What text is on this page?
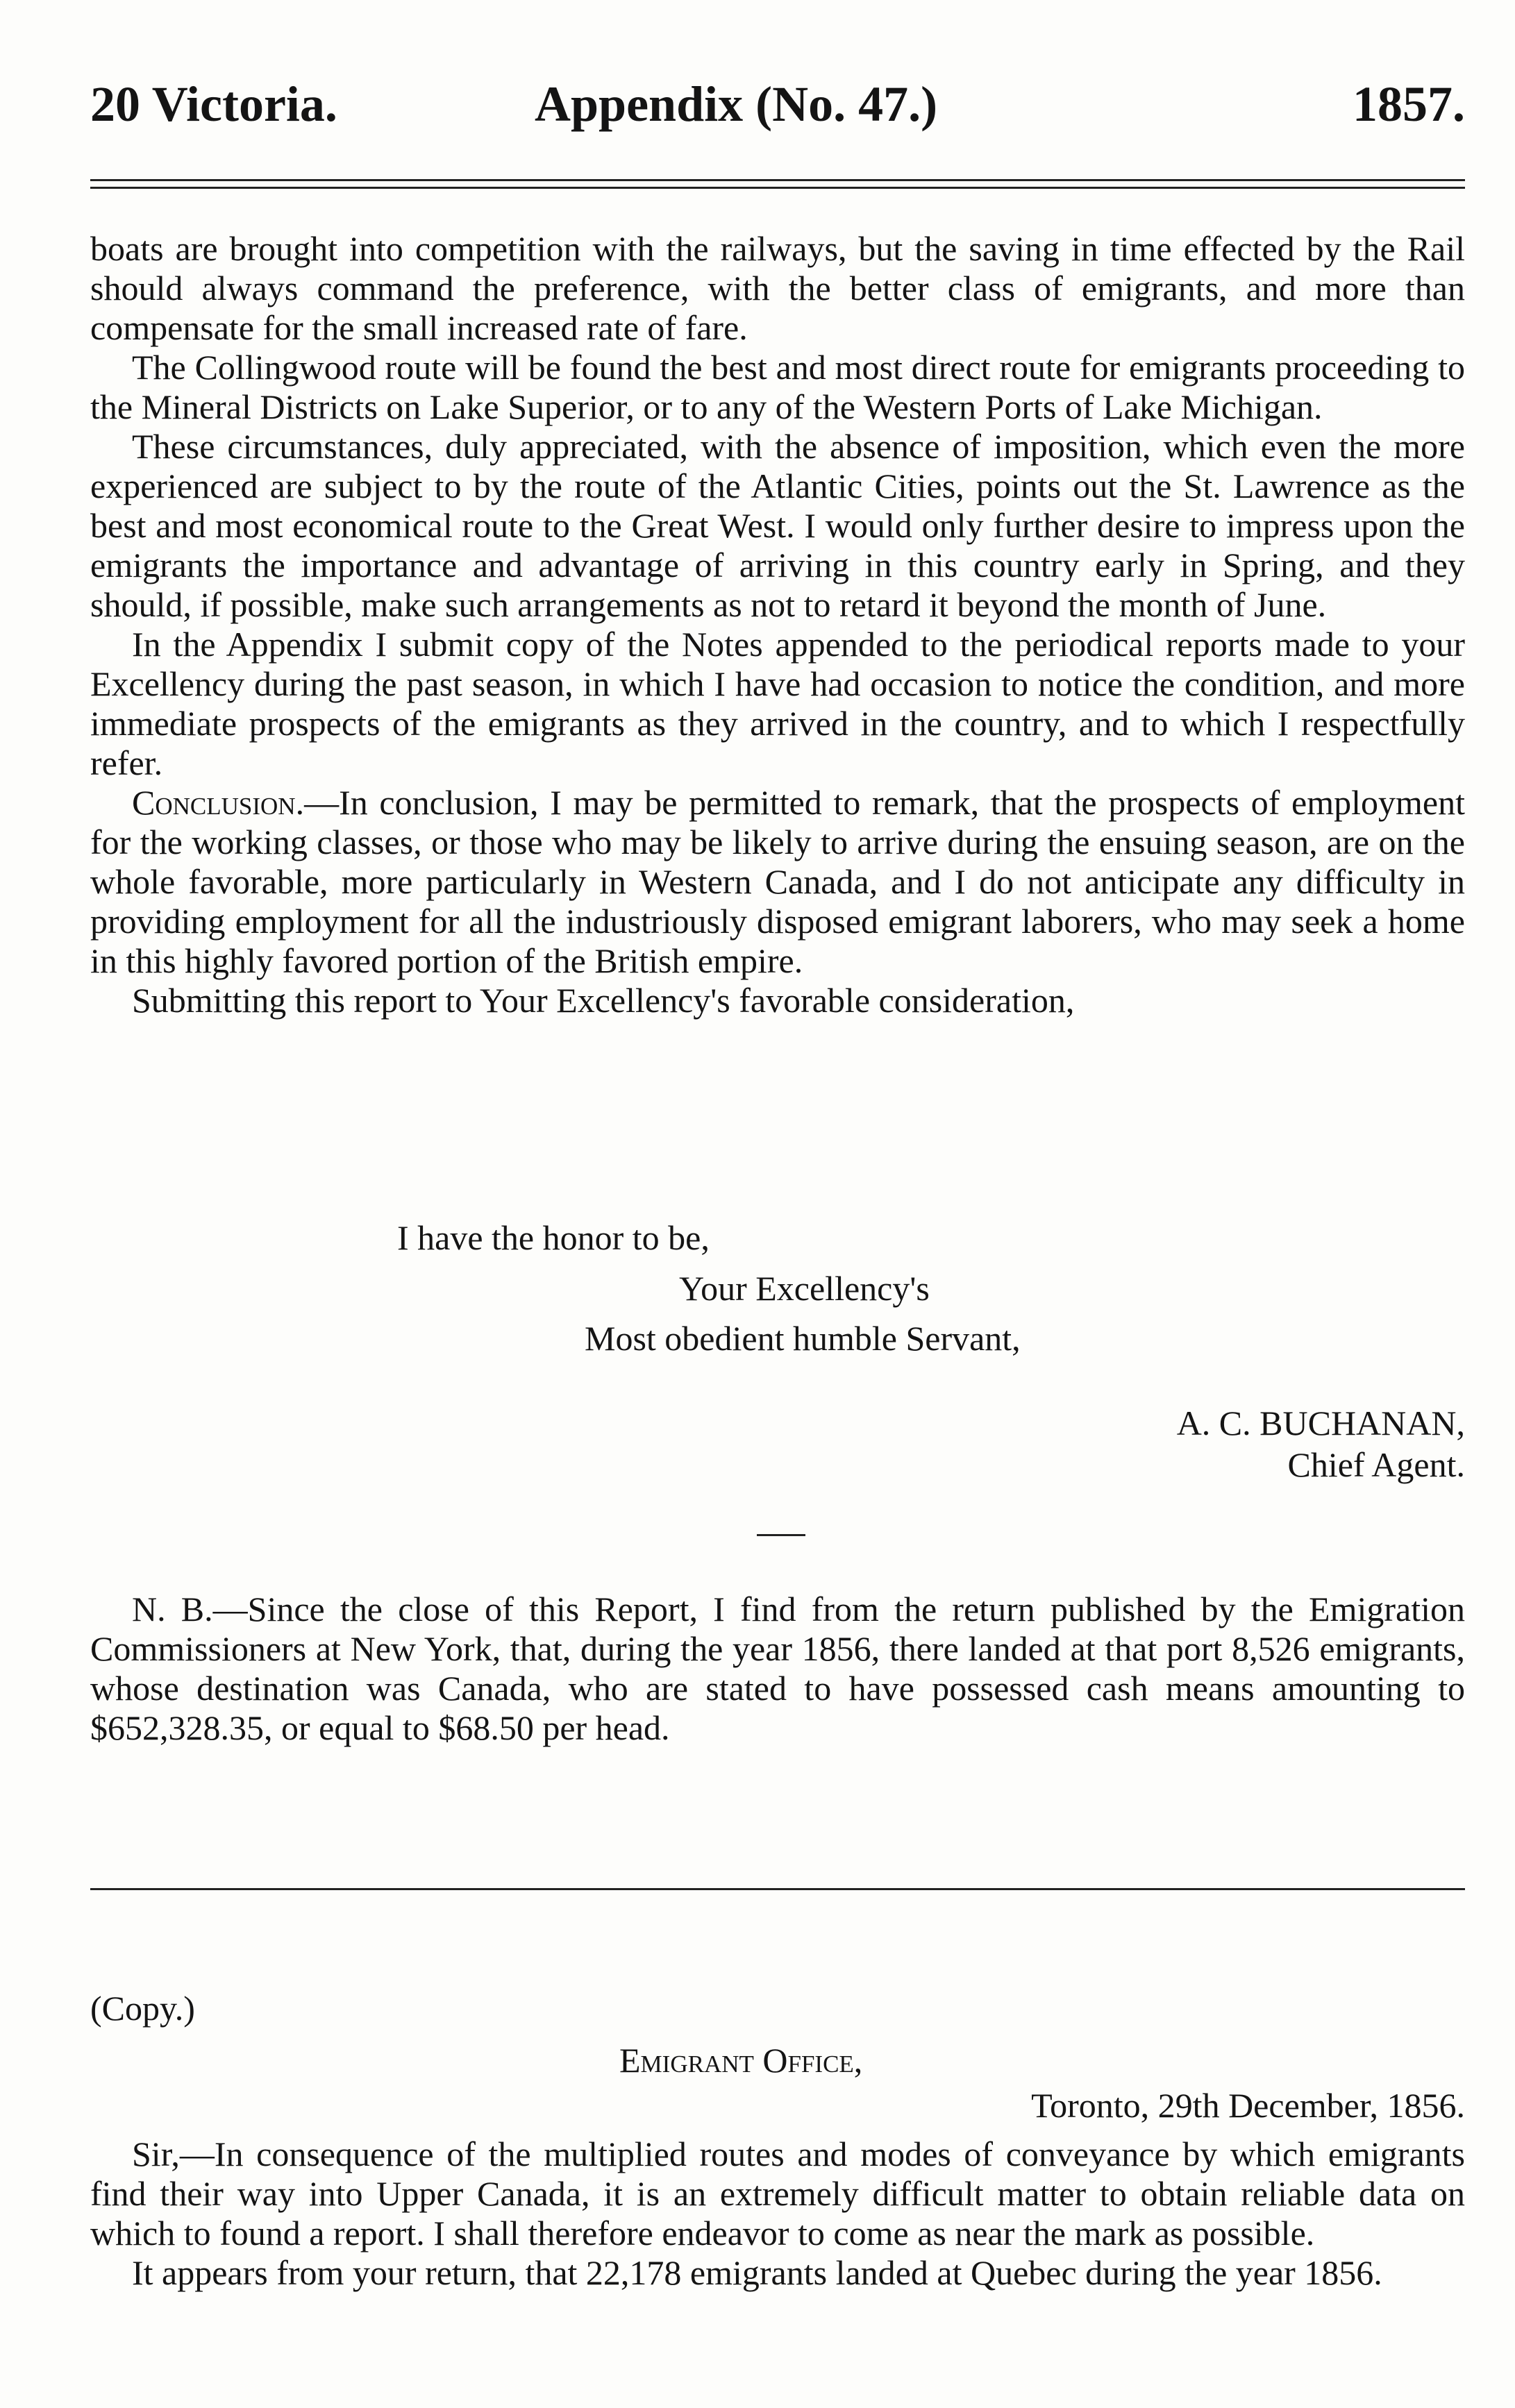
20 Victoria.	Appendix (No. 47.)	1857.

boats are brought into competition with the railways, but the saving in time effected by the Rail should always command the preference, with the better class of emigrants, and more than compensate for the small increased rate of fare.

The Collingwood route will be found the best and most direct route for emigrants proceeding to the Mineral Districts on Lake Superior, or to any of the Western Ports of Lake Michigan.

These circumstances, duly appreciated, with the absence of imposition, which even the more experienced are subject to by the route of the Atlantic Cities, points out the St. Lawrence as the best and most economical route to the Great West. I would only further desire to impress upon the emigrants the importance and advantage of arriving in this country early in Spring, and they should, if possible, make such arrangements as not to retard it beyond the month of June.

In the Appendix I submit copy of the Notes appended to the periodical reports made to your Excellency during the past season, in which I have had occasion to notice the condition, and more immediate prospects of the emigrants as they arrived in the country, and to which I respectfully refer.

Conclusion.—In conclusion, I may be permitted to remark, that the prospects of employment for the working classes, or those who may be likely to arrive during the ensuing season, are on the whole favorable, more particularly in Western Canada, and I do not anticipate any difficulty in providing employment for all the industriously disposed emigrant laborers, who may seek a home in this highly favored portion of the British empire.

Submitting this report to Your Excellency's favorable consideration,

I have the honor to be,
Your Excellency's
Most obedient humble Servant,
A. C. BUCHANAN,
Chief Agent.

N. B.—Since the close of this Report, I find from the return published by the Emigration Commissioners at New York, that, during the year 1856, there landed at that port 8,526 emigrants, whose destination was Canada, who are stated to have possessed cash means amounting to $652,328.35, or equal to $68.50 per head.

(Copy.)
Emigrant Office,
Toronto, 29th December, 1856.

Sir,—In consequence of the multiplied routes and modes of conveyance by which emigrants find their way into Upper Canada, it is an extremely difficult matter to obtain reliable data on which to found a report. I shall therefore endeavor to come as near the mark as possible.

It appears from your return, that 22,178 emigrants landed at Quebec during the year 1856.
